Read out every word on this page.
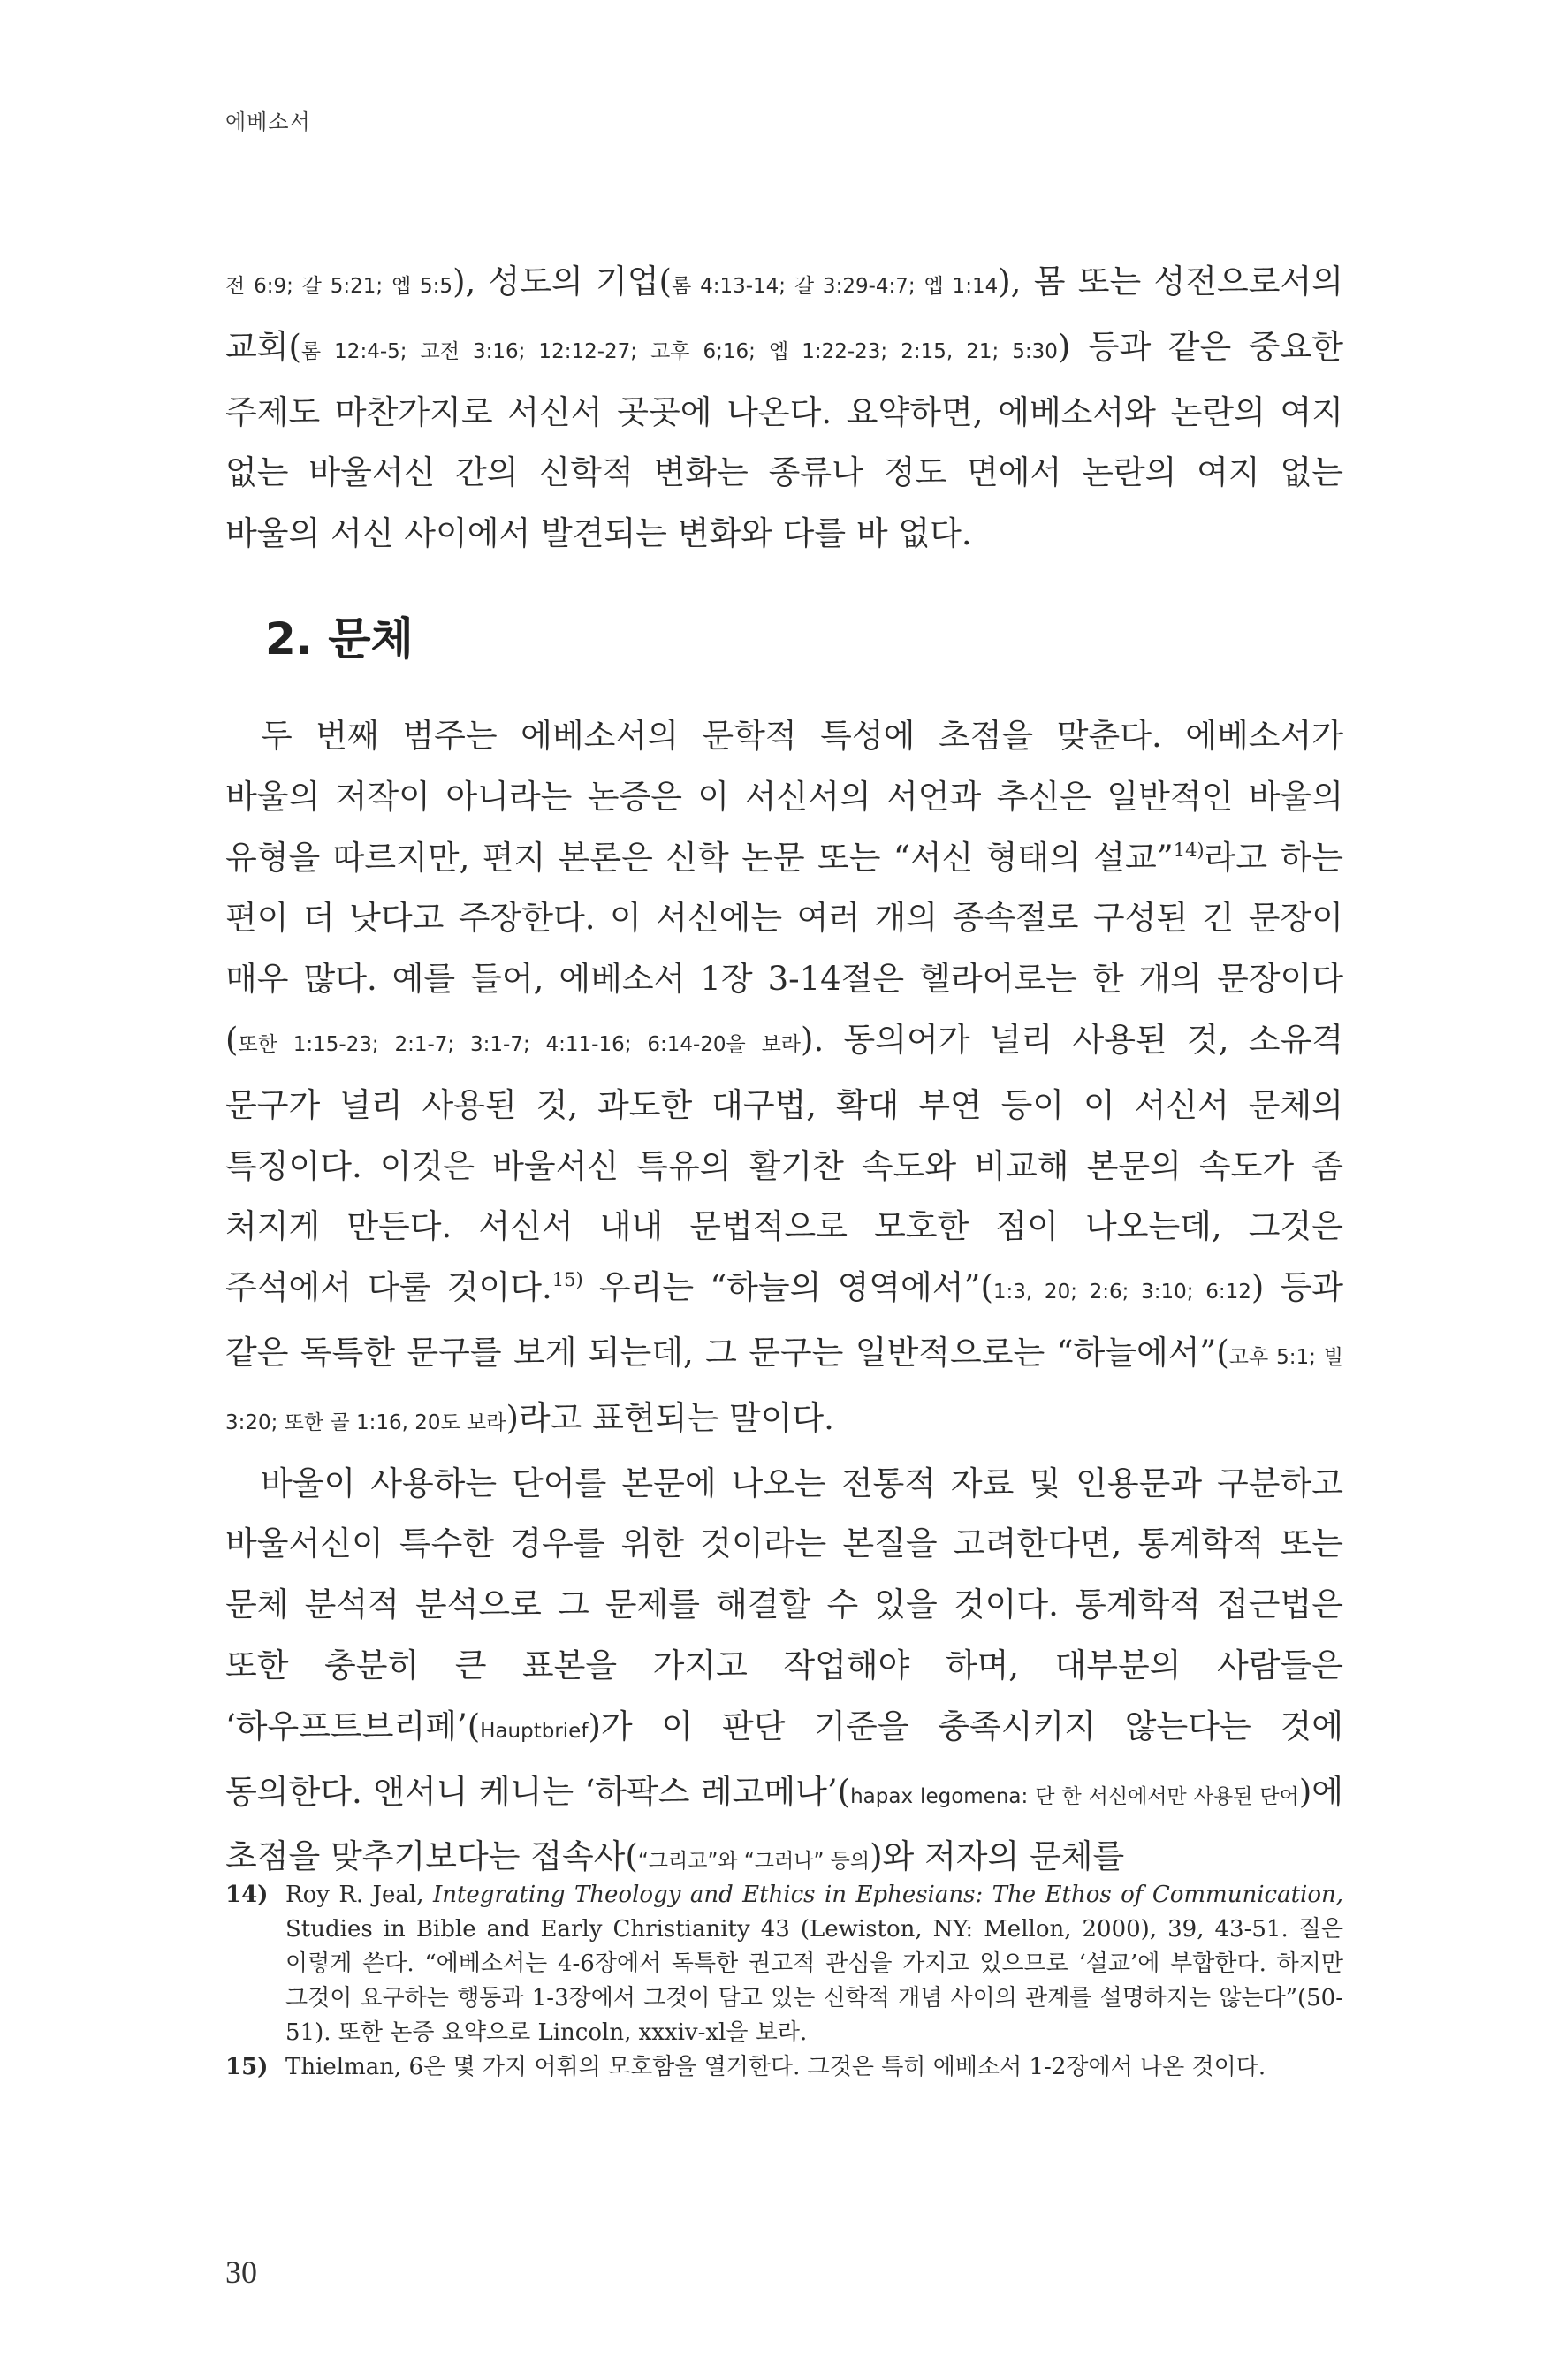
에베소서

전 6:9; 갈 5:21; 엡 5:5), 성도의 기업(롬 4:13-14; 갈 3:29-4:7; 엡 1:14), 몸 또는 성전으로서의 교회(롬 12:4-5; 고전 3:16; 12:12-27; 고후 6;16; 엡 1:22-23; 2:15, 21; 5:30) 등과 같은 중요한 주제도 마찬가지로 서신서 곳곳에 나온다. 요약하면, 에베소서와 논란의 여지 없는 바울서신 간의 신학적 변화는 종류나 정도 면에서 논란의 여지 없는 바울의 서신 사이에서 발견되는 변화와 다를 바 없다.

2. 문체

두 번째 범주는 에베소서의 문학적 특성에 초점을 맞춘다. 에베소서가 바울의 저작이 아니라는 논증은 이 서신서의 서언과 추신은 일반적인 바울의 유형을 따르지만, 편지 본론은 신학 논문 또는 “서신 형태의 설교”$^{14)}$라고 하는 편이 더 낫다고 주장한다. 이 서신에는 여러 개의 종속절로 구성된 긴 문장이 매우 많다. 예를 들어, 에베소서 1장 3-14절은 헬라어로는 한 개의 문장이다(또한 1:15-23; 2:1-7; 3:1-7; 4:11-16; 6:14-20을 보라). 동의어가 널리 사용된 것, 소유격 문구가 널리 사용된 것, 과도한 대구법, 확대 부연 등이 이 서신서 문체의 특징이다. 이것은 바울서신 특유의 활기찬 속도와 비교해 본문의 속도가 좀 처지게 만든다. 서신서 내내 문법적으로 모호한 점이 나오는데, 그것은 주석에서 다룰 것이다.$^{15)}$ 우리는 “하늘의 영역에서”(1:3, 20; 2:6; 3:10; 6:12) 등과 같은 독특한 문구를 보게 되는데, 그 문구는 일반적으로는 “하늘에서”(고후 5:1; 빌 3:20; 또한 골 1:16, 20도 보라)라고 표현되는 말이다.

바울이 사용하는 단어를 본문에 나오는 전통적 자료 및 인용문과 구분하고 바울서신이 특수한 경우를 위한 것이라는 본질을 고려한다면, 통계학적 또는 문체 분석적 분석으로 그 문제를 해결할 수 있을 것이다. 통계학적 접근법은 또한 충분히 큰 표본을 가지고 작업해야 하며, 대부분의 사람들은 ‘하우프트브리페’(Hauptbrief)가 이 판단 기준을 충족시키지 않는다는 것에 동의한다. 앤서니 케니는 ‘하팍스 레고메나’(hapax legomena: 단 한 서신에서만 사용된 단어)에 초점을 맞추기보다는 접속사(“그리고”와 “그러나” 등의)와 저자의 문체를

14) Roy R. Jeal, Integrating Theology and Ethics in Ephesians: The Ethos of Communication, Studies in Bible and Early Christianity 43 (Lewiston, NY: Mellon, 2000), 39, 43-51. 질은 이렇게 쓴다. “에베소서는 4-6장에서 독특한 권고적 관심을 가지고 있으므로 ‘설교’에 부합한다. 하지만 그것이 요구하는 행동과 1-3장에서 그것이 담고 있는 신학적 개념 사이의 관계를 설명하지는 않는다”(50-51). 또한 논증 요약으로 Lincoln, xxxiv-xl을 보라.
15) Thielman, 6은 몇 가지 어휘의 모호함을 열거한다. 그것은 특히 에베소서 1-2장에서 나온 것이다.
30
